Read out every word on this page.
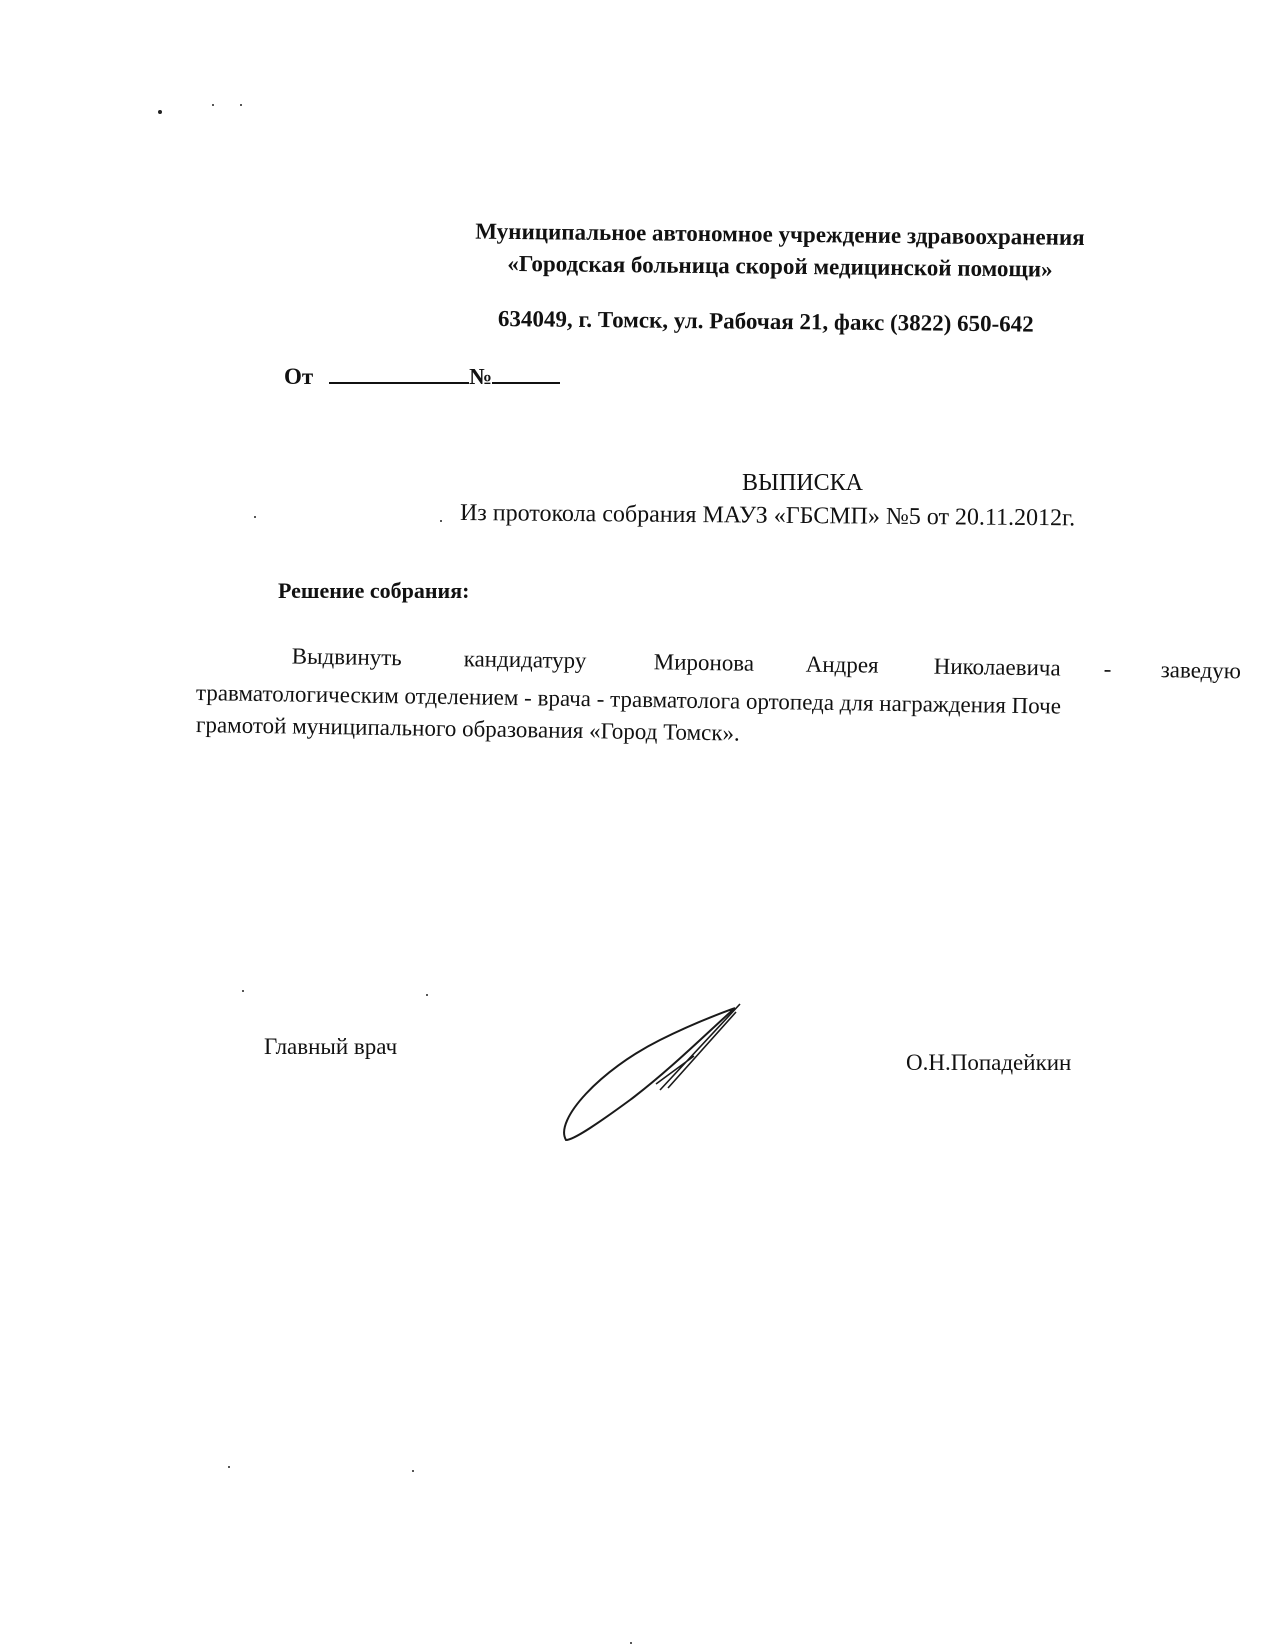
Муниципальное автономное учреждение здравоохранения
«Городская больница скорой медицинской помощи»
634049, г. Томск, ул. Рабочая 21, факс (3822) 650-642
От	№
ВЫПИСКА
Из протокола собрания МАУЗ «ГБСМП» №5 от 20.11.2012г.
Решение собрания:
Выдвинуть	кандидатуру	Миронова Андрея Николаевича - заведую
травматологическим отделением - врача - травматолога ортопеда для награждения Поче
грамотой муниципального образования «Город Томск».
Главный врач
О.Н.Попадейкин
